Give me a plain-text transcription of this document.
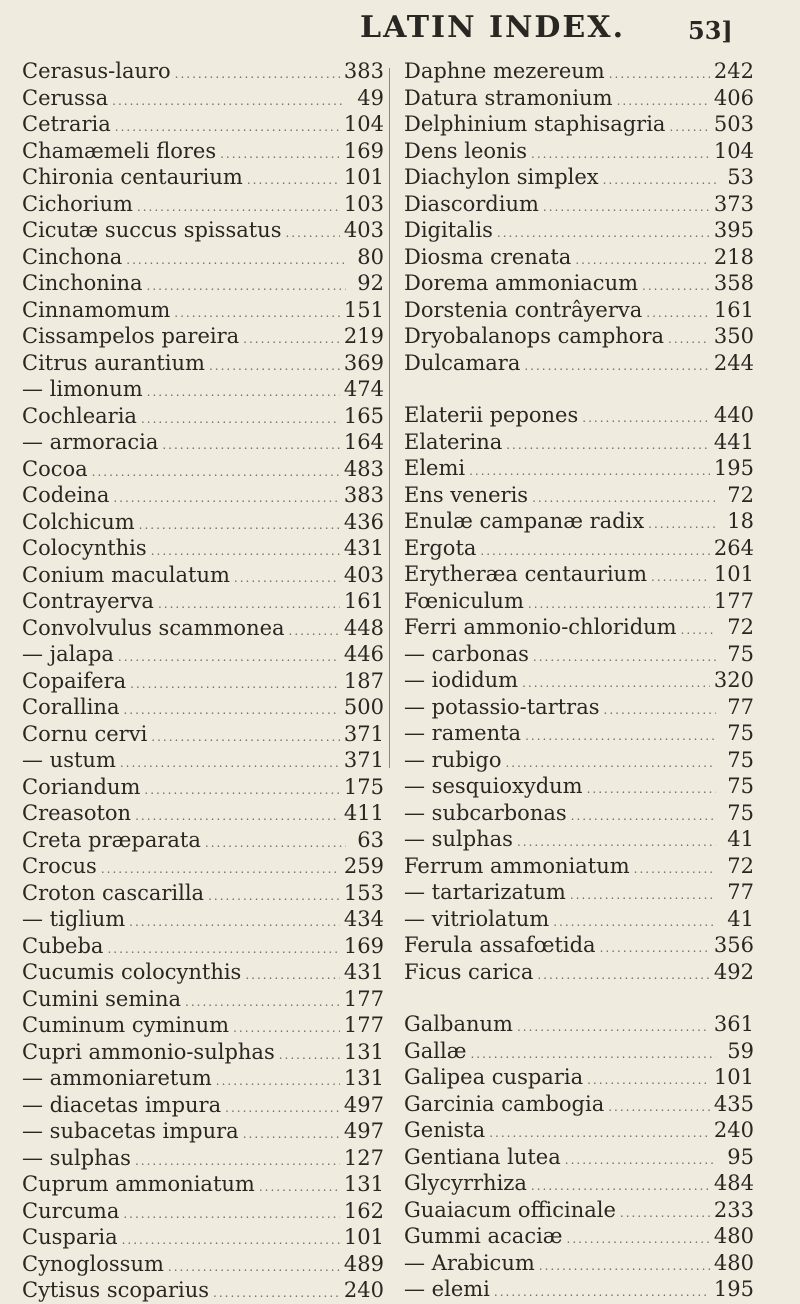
LATIN INDEX.	53]
Cerasus-lauro .....	383
Cerussa .....	49
Cetraria .....	104
Chamæmeli flores .....	169
Chironia centaurium .....	101
Cichorium .....	103
Cicutæ succus spissatus .....	403
Cinchona .....	80
Cinchonina .....	92
Cinnamomum .....	151
Cissampelos pareira .....	219
Citrus aurantium .....	369
— limonum .....	474
Cochlearia .....	165
— armoracia .....	164
Cocoa .....	483
Codeina .....	383
Colchicum .....	436
Colocynthis .....	431
Conium maculatum .....	403
Contrayerva .....	161
Convolvulus scammonea .....	448
— jalapa .....	446
Copaifera .....	187
Corallina .....	500
Cornu cervi .....	371
— ustum .....	371
Coriandum .....	175
Creasoton .....	411
Creta præparata .....	63
Crocus .....	259
Croton cascarilla .....	153
— tiglium .....	434
Cubeba .....	169
Cucumis colocynthis .....	431
Cumini semina .....	177
Cuminum cyminum .....	177
Cupri ammonio-sulphas .....	131
— ammoniaretum .....	131
— diacetas impura .....	497
— subacetas impura .....	497
— sulphas .....	127
Cuprum ammoniatum .....	131
Curcuma .....	162
Cusparia .....	101
Cynoglossum .....	489
Cytisus scoparius .....	240
Daphne mezereum .....	242
Datura stramonium .....	406
Delphinium staphisagria ..... 503
Dens leonis .....	104
Diachylon simplex .....	53
Diascordium .....	373
Digitalis .....	395
Diosma crenata .....	218
Dorema ammoniacum .....	358
Dorstenia contrâyerva .....	161
Dryobalanops camphora ..... 350
Dulcamara .....	244
Elaterii pepones .....	440
Elaterina .....	441
Elemi .....	195
Ens veneris .....	72
Enulæ campanæ radix .....	18
Ergota .....	264
Erytheræa centaurium .....	101
Fœniculum .....	177
Ferri ammonio-chloridum .....	72
— carbonas .....	75
— iodidum .....	320
— potassio-tartras .....	77
— ramenta .....	75
— rubigo .....	75
— sesquioxydum .....	75
— subcarbonas .....	75
— sulphas .....	41
Ferrum ammoniatum .....	72
— tartarizatum .....	77
— vitriolatum .....	41
Ferula assafœtida .....	356
Ficus carica .....	492
Galbanum .....	361
Gallæ .....	59
Galipea cusparia .....	101
Garcinia cambogia .....	435
Genista .....	240
Gentiana lutea .....	95
Glycyrrhiza .....	484
Guaiacum officinale .....	233
Gummi acaciæ .....	480
— Arabicum .....	480
— elemi .....	195
